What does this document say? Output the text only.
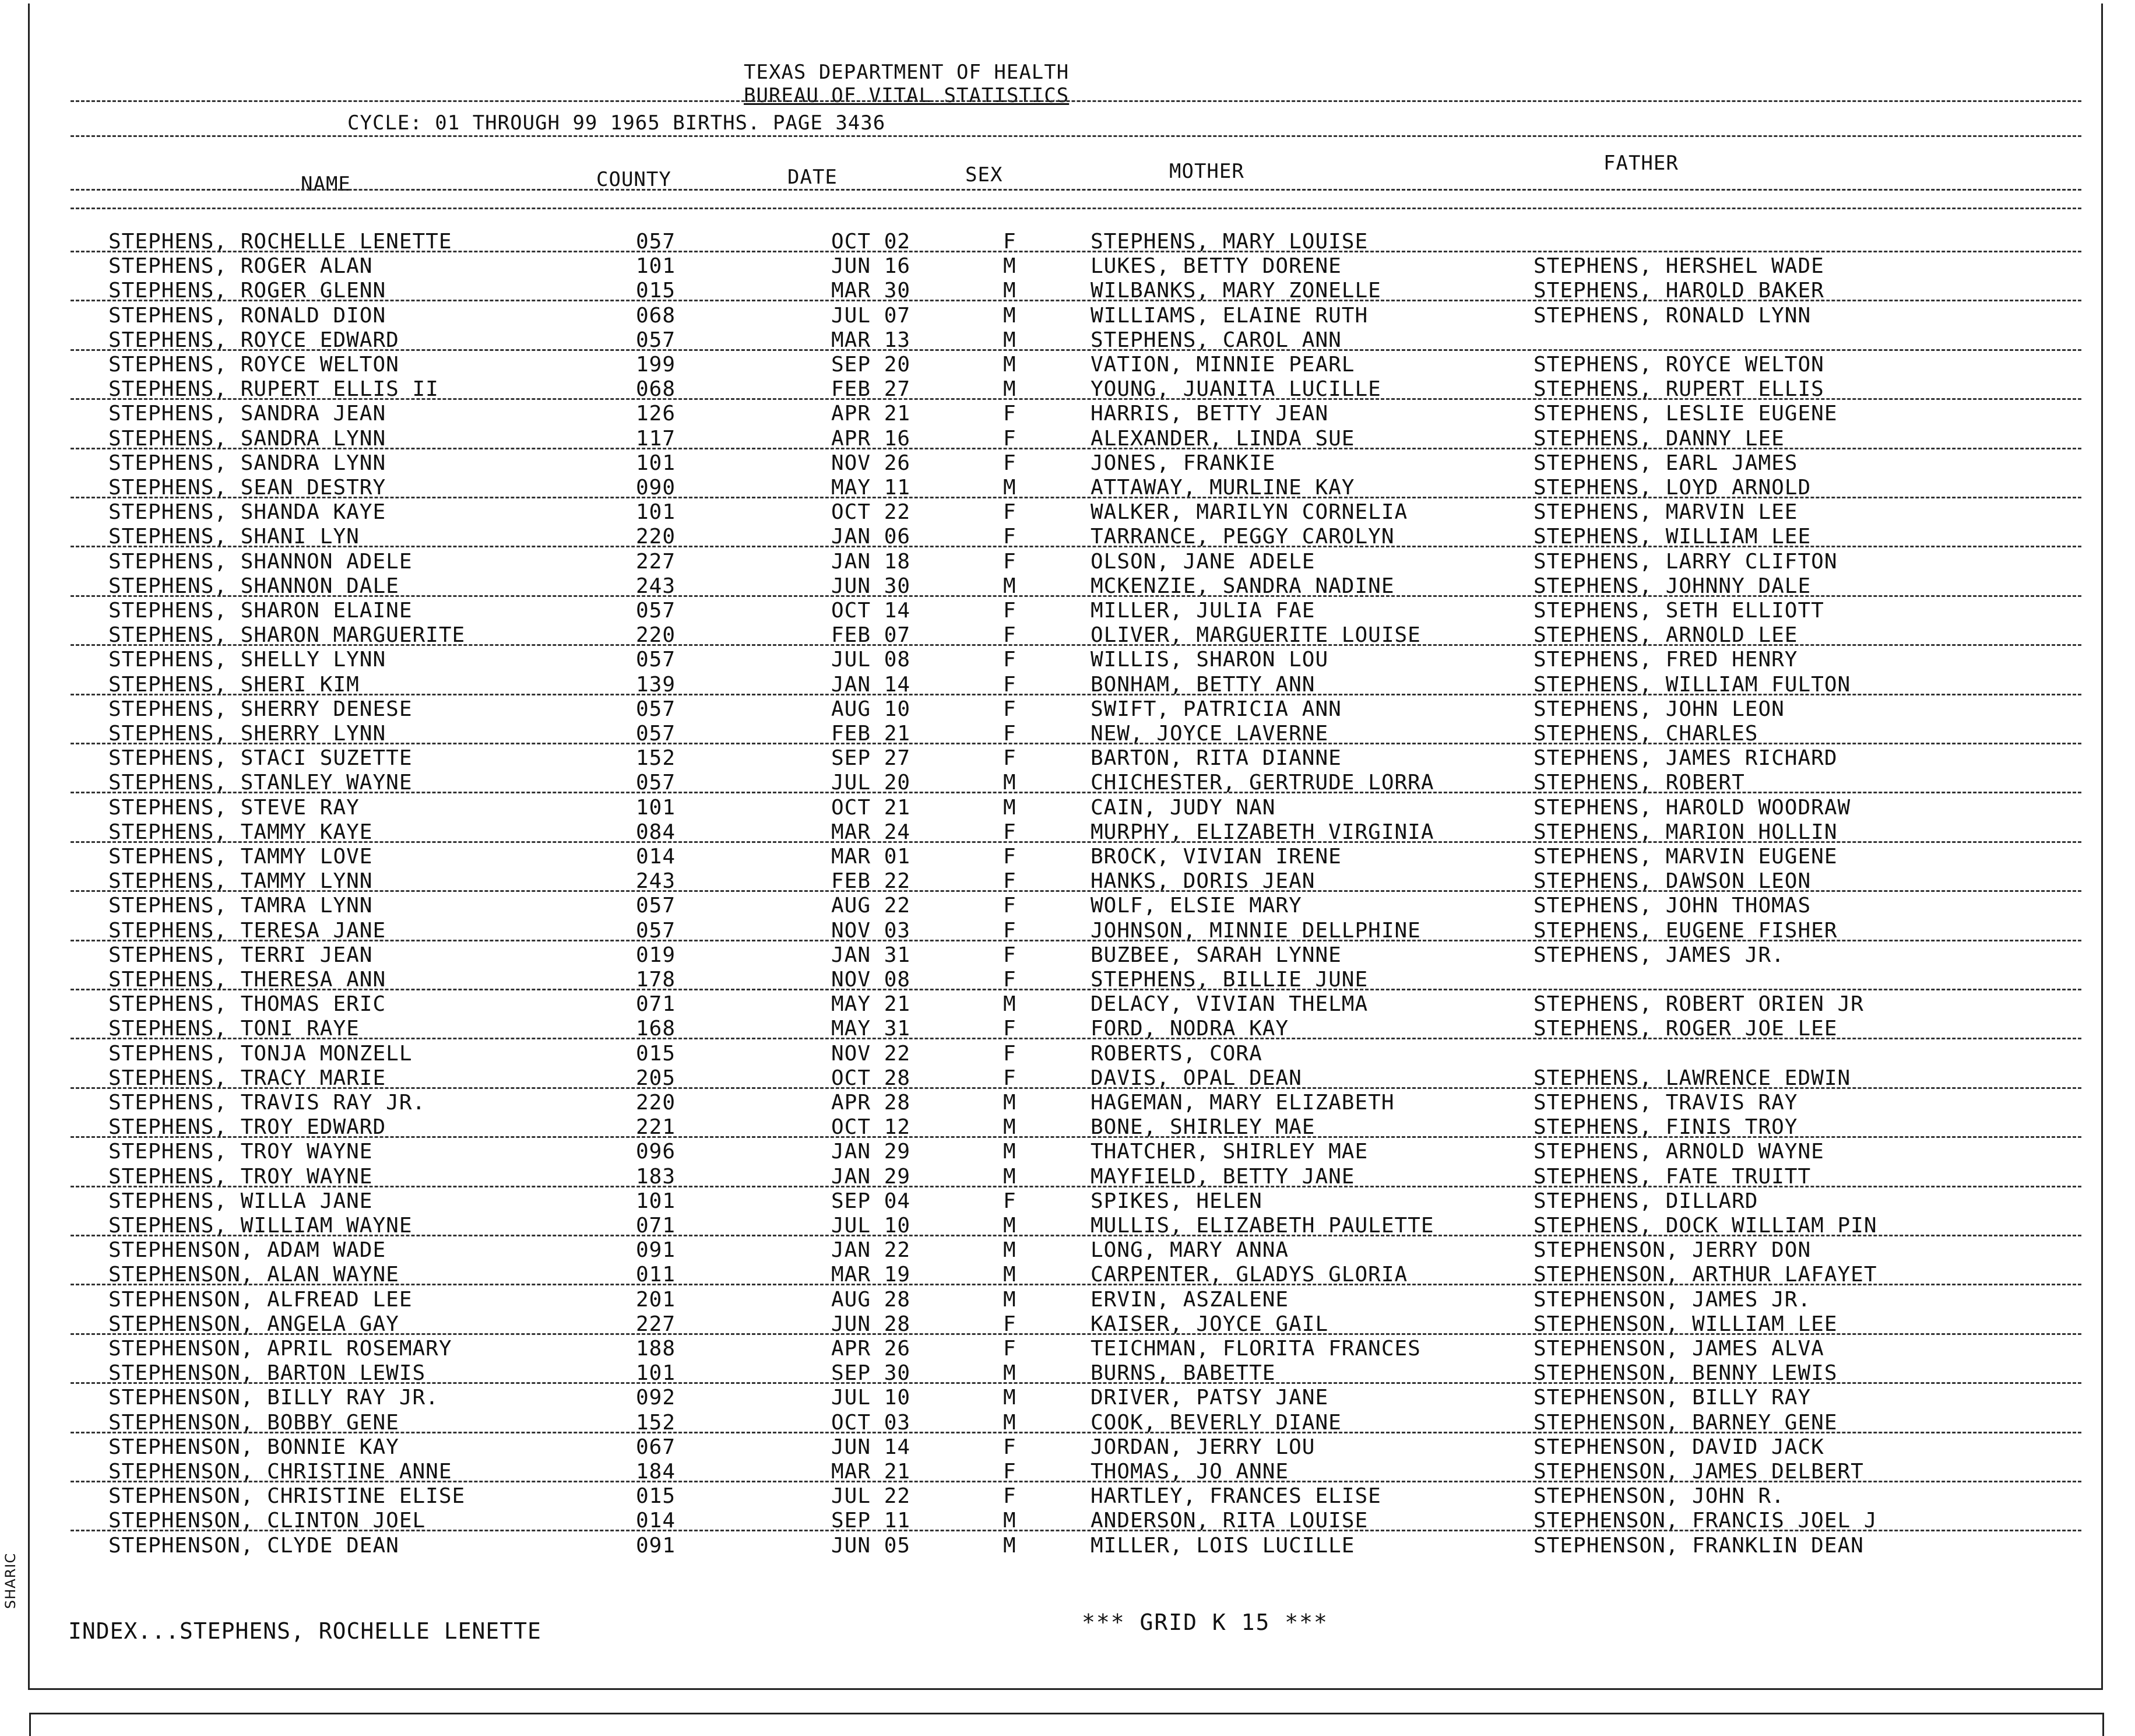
TEXAS DEPARTMENT OF HEALTH
BUREAU OF VITAL STATISTICS
CYCLE: 01 THROUGH 99 1965 BIRTHS. PAGE 3436
NAME	COUNTY	DATE	SEX	MOTHER	FATHER
STEPHENS, ROCHELLE LENETTE	057	OCT 02	F	STEPHENS, MARY LOUISE
STEPHENS, ROGER ALAN	101	JUN 16	M	LUKES, BETTY DORENE	STEPHENS, HERSHEL WADE
STEPHENS, ROGER GLENN	015	MAR 30	M	WILBANKS, MARY ZONELLE	STEPHENS, HAROLD BAKER
STEPHENS, RONALD DION	068	JUL 07	M	WILLIAMS, ELAINE RUTH	STEPHENS, RONALD LYNN
STEPHENS, ROYCE EDWARD	057	MAR 13	M	STEPHENS, CAROL ANN
STEPHENS, ROYCE WELTON	199	SEP 20	M	VATION, MINNIE PEARL	STEPHENS, ROYCE WELTON
STEPHENS, RUPERT ELLIS II	068	FEB 27	M	YOUNG, JUANITA LUCILLE	STEPHENS, RUPERT ELLIS
STEPHENS, SANDRA JEAN	126	APR 21	F	HARRIS, BETTY JEAN	STEPHENS, LESLIE EUGENE
STEPHENS, SANDRA LYNN	117	APR 16	F	ALEXANDER, LINDA SUE	STEPHENS, DANNY LEE
STEPHENS, SANDRA LYNN	101	NOV 26	F	JONES, FRANKIE	STEPHENS, EARL JAMES
STEPHENS, SEAN DESTRY	090	MAY 11	M	ATTAWAY, MURLINE KAY	STEPHENS, LOYD ARNOLD
STEPHENS, SHANDA KAYE	101	OCT 22	F	WALKER, MARILYN CORNELIA	STEPHENS, MARVIN LEE
STEPHENS, SHANI LYN	220	JAN 06	F	TARRANCE, PEGGY CAROLYN	STEPHENS, WILLIAM LEE
STEPHENS, SHANNON ADELE	227	JAN 18	F	OLSON, JANE ADELE	STEPHENS, LARRY CLIFTON
STEPHENS, SHANNON DALE	243	JUN 30	M	MCKENZIE, SANDRA NADINE	STEPHENS, JOHNNY DALE
STEPHENS, SHARON ELAINE	057	OCT 14	F	MILLER, JULIA FAE	STEPHENS, SETH ELLIOTT
STEPHENS, SHARON MARGUERITE	220	FEB 07	F	OLIVER, MARGUERITE LOUISE	STEPHENS, ARNOLD LEE
STEPHENS, SHELLY LYNN	057	JUL 08	F	WILLIS, SHARON LOU	STEPHENS, FRED HENRY
STEPHENS, SHERI KIM	139	JAN 14	F	BONHAM, BETTY ANN	STEPHENS, WILLIAM FULTON
STEPHENS, SHERRY DENESE	057	AUG 10	F	SWIFT, PATRICIA ANN	STEPHENS, JOHN LEON
STEPHENS, SHERRY LYNN	057	FEB 21	F	NEW, JOYCE LAVERNE	STEPHENS, CHARLES
STEPHENS, STACI SUZETTE	152	SEP 27	F	BARTON, RITA DIANNE	STEPHENS, JAMES RICHARD
STEPHENS, STANLEY WAYNE	057	JUL 20	M	CHICHESTER, GERTRUDE LORRA	STEPHENS, ROBERT
STEPHENS, STEVE RAY	101	OCT 21	M	CAIN, JUDY NAN	STEPHENS, HAROLD WOODRAW
STEPHENS, TAMMY KAYE	084	MAR 24	F	MURPHY, ELIZABETH VIRGINIA	STEPHENS, MARION HOLLIN
STEPHENS, TAMMY LOVE	014	MAR 01	F	BROCK, VIVIAN IRENE	STEPHENS, MARVIN EUGENE
STEPHENS, TAMMY LYNN	243	FEB 22	F	HANKS, DORIS JEAN	STEPHENS, DAWSON LEON
STEPHENS, TAMRA LYNN	057	AUG 22	F	WOLF, ELSIE MARY	STEPHENS, JOHN THOMAS
STEPHENS, TERESA JANE	057	NOV 03	F	JOHNSON, MINNIE DELLPHINE	STEPHENS, EUGENE FISHER
STEPHENS, TERRI JEAN	019	JAN 31	F	BUZBEE, SARAH LYNNE	STEPHENS, JAMES JR.
STEPHENS, THERESA ANN	178	NOV 08	F	STEPHENS, BILLIE JUNE
STEPHENS, THOMAS ERIC	071	MAY 21	M	DELACY, VIVIAN THELMA	STEPHENS, ROBERT ORIEN JR
STEPHENS, TONI RAYE	168	MAY 31	F	FORD, NODRA KAY	STEPHENS, ROGER JOE LEE
STEPHENS, TONJA MONZELL	015	NOV 22	F	ROBERTS, CORA
STEPHENS, TRACY MARIE	205	OCT 28	F	DAVIS, OPAL DEAN	STEPHENS, LAWRENCE EDWIN
STEPHENS, TRAVIS RAY JR.	220	APR 28	M	HAGEMAN, MARY ELIZABETH	STEPHENS, TRAVIS RAY
STEPHENS, TROY EDWARD	221	OCT 12	M	BONE, SHIRLEY MAE	STEPHENS, FINIS TROY
STEPHENS, TROY WAYNE	096	JAN 29	M	THATCHER, SHIRLEY MAE	STEPHENS, ARNOLD WAYNE
STEPHENS, TROY WAYNE	183	JAN 29	M	MAYFIELD, BETTY JANE	STEPHENS, FATE TRUITT
STEPHENS, WILLA JANE	101	SEP 04	F	SPIKES, HELEN	STEPHENS, DILLARD
STEPHENS, WILLIAM WAYNE	071	JUL 10	M	MULLIS, ELIZABETH PAULETTE	STEPHENS, DOCK WILLIAM PIN
STEPHENSON, ADAM WADE	091	JAN 22	M	LONG, MARY ANNA	STEPHENSON, JERRY DON
STEPHENSON, ALAN WAYNE	011	MAR 19	M	CARPENTER, GLADYS GLORIA	STEPHENSON, ARTHUR LAFAYET
STEPHENSON, ALFREAD LEE	201	AUG 28	M	ERVIN, ASZALENE	STEPHENSON, JAMES JR.
STEPHENSON, ANGELA GAY	227	JUN 28	F	KAISER, JOYCE GAIL	STEPHENSON, WILLIAM LEE
STEPHENSON, APRIL ROSEMARY	188	APR 26	F	TEICHMAN, FLORITA FRANCES	STEPHENSON, JAMES ALVA
STEPHENSON, BARTON LEWIS	101	SEP 30	M	BURNS, BABETTE	STEPHENSON, BENNY LEWIS
STEPHENSON, BILLY RAY JR.	092	JUL 10	M	DRIVER, PATSY JANE	STEPHENSON, BILLY RAY
STEPHENSON, BOBBY GENE	152	OCT 03	M	COOK, BEVERLY DIANE	STEPHENSON, BARNEY GENE
STEPHENSON, BONNIE KAY	067	JUN 14	F	JORDAN, JERRY LOU	STEPHENSON, DAVID JACK
STEPHENSON, CHRISTINE ANNE	184	MAR 21	F	THOMAS, JO ANNE	STEPHENSON, JAMES DELBERT
STEPHENSON, CHRISTINE ELISE	015	JUL 22	F	HARTLEY, FRANCES ELISE	STEPHENSON, JOHN R.
STEPHENSON, CLINTON JOEL	014	SEP 11	M	ANDERSON, RITA LOUISE	STEPHENSON, FRANCIS JOEL J
STEPHENSON, CLYDE DEAN	091	JUN 05	M	MILLER, LOIS LUCILLE	STEPHENSON, FRANKLIN DEAN
INDEX...STEPHENS, ROCHELLE LENETTE	*** GRID K 15 ***
SHARIC
